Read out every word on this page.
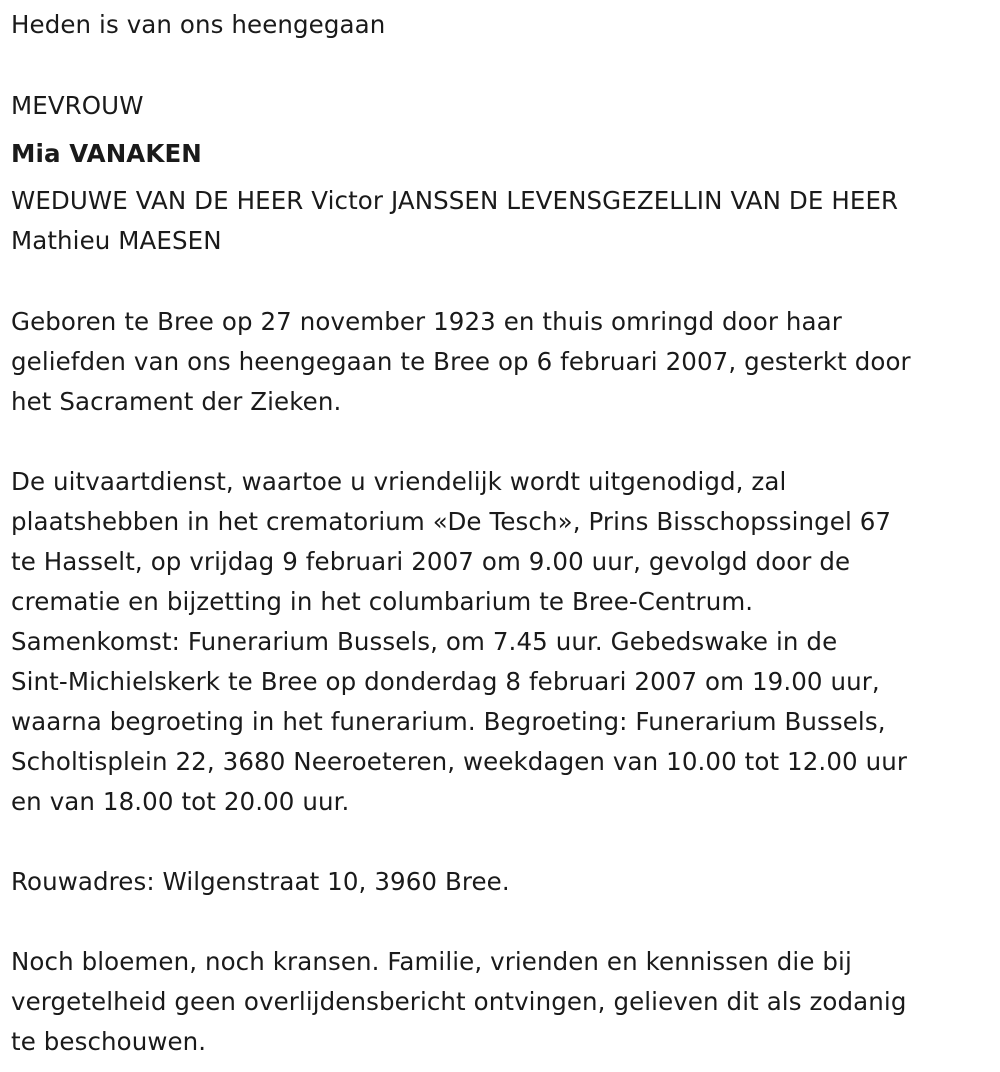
Heden is van ons heengegaan
MEVROUW
Mia VANAKEN
WEDUWE VAN DE HEER Victor JANSSEN LEVENSGEZELLIN VAN DE HEER
Mathieu MAESEN
Geboren te Bree op 27 november 1923 en thuis omringd door haar
geliefden van ons heengegaan te Bree op 6 februari 2007, gesterkt door
het Sacrament der Zieken.
De uitvaartdienst, waartoe u vriendelijk wordt uitgenodigd, zal
plaatshebben in het crematorium «De Tesch», Prins Bisschopssingel 67
te Hasselt, op vrijdag 9 februari 2007 om 9.00 uur, gevolgd door de
crematie en bijzetting in het columbarium te Bree-Centrum.
Samenkomst: Funerarium Bussels, om 7.45 uur. Gebedswake in de
Sint-Michielskerk te Bree op donderdag 8 februari 2007 om 19.00 uur,
waarna begroeting in het funerarium. Begroeting: Funerarium Bussels,
Scholtisplein 22, 3680 Neeroeteren, weekdagen van 10.00 tot 12.00 uur
en van 18.00 tot 20.00 uur.
Rouwadres: Wilgenstraat 10, 3960 Bree.
Noch bloemen, noch kransen. Familie, vrienden en kennissen die bij
vergetelheid geen overlijdensbericht ontvingen, gelieven dit als zodanig
te beschouwen.
